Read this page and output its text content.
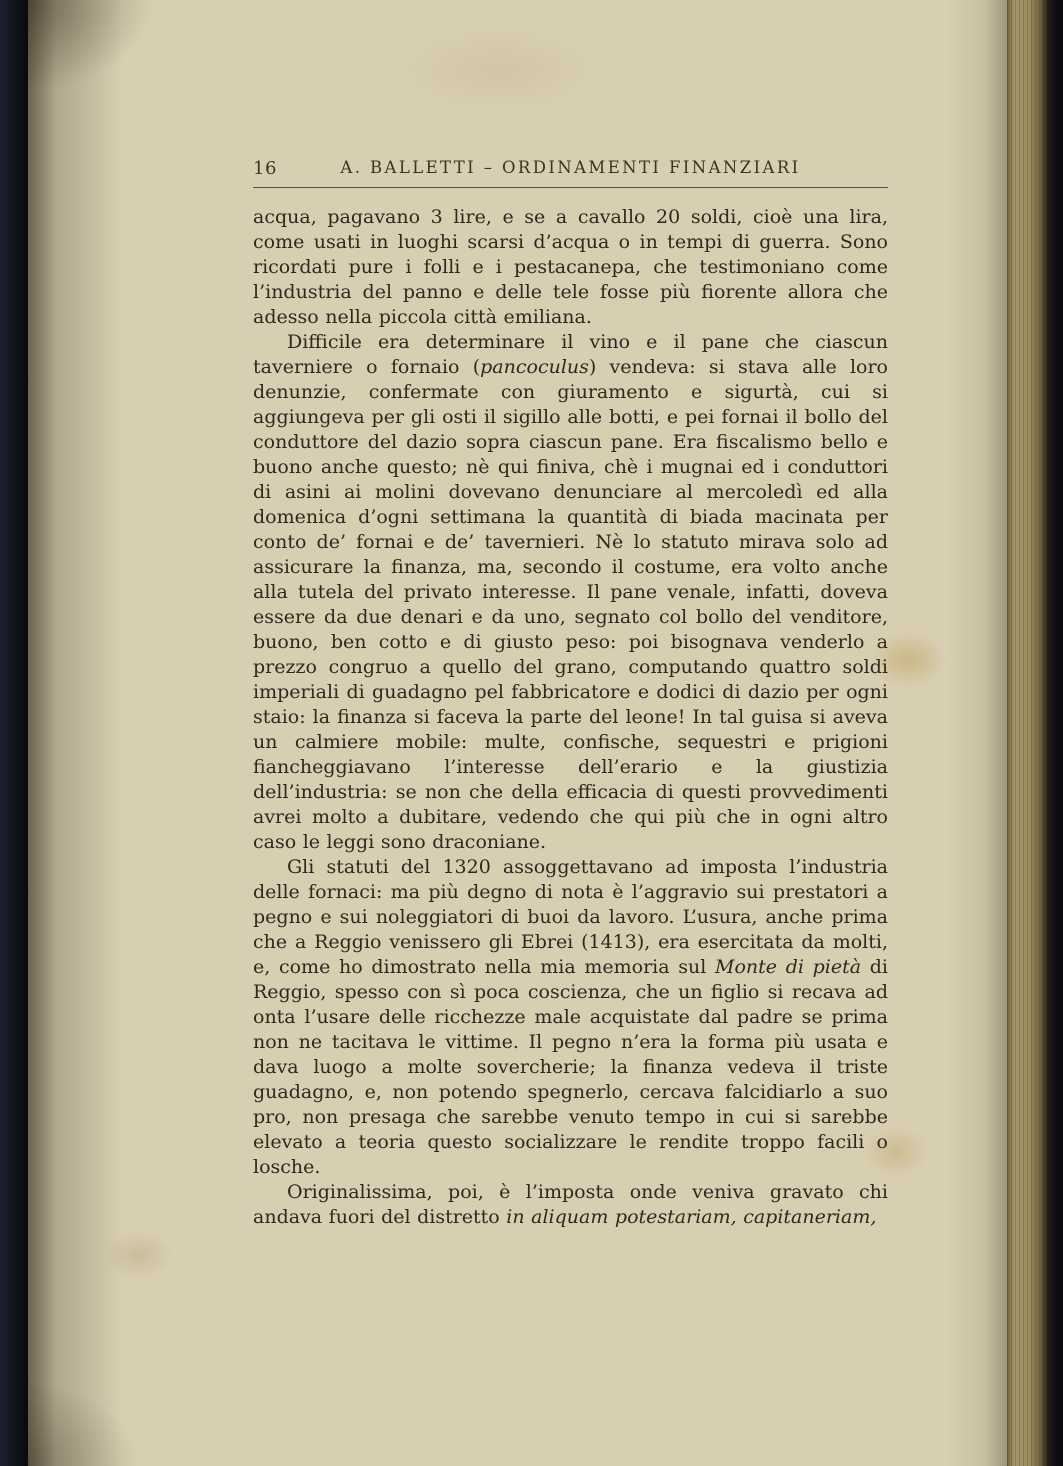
16	A. BALLETTI – ORDINAMENTI FINANZIARI

acqua, pagavano 3 lire, e se a cavallo 20 soldi, cioè una lira, come usati in luoghi scarsi d’acqua o in tempi di guerra. Sono ricordati pure i folli e i pestacanepa, che testimoniano come l’industria del panno e delle tele fosse più fiorente allora che adesso nella piccola città emiliana.

Difficile era determinare il vino e il pane che ciascun taverniere o fornaio (pancoculus) vendeva: si stava alle loro denunzie, confermate con giuramento e sigurtà, cui si aggiungeva per gli osti il sigillo alle botti, e pei fornai il bollo del conduttore del dazio sopra ciascun pane. Era fiscalismo bello e buono anche questo; nè qui finiva, chè i mugnai ed i conduttori di asini ai molini dovevano denunciare al mercoledì ed alla domenica d’ogni settimana la quantità di biada macinata per conto de’ fornai e de’ tavernieri. Nè lo statuto mirava solo ad assicurare la finanza, ma, secondo il costume, era volto anche alla tutela del privato interesse. Il pane venale, infatti, doveva essere da due denari e da uno, segnato col bollo del venditore, buono, ben cotto e di giusto peso: poi bisognava venderlo a prezzo congruo a quello del grano, computando quattro soldi imperiali di guadagno pel fabbricatore e dodici di dazio per ogni staio: la finanza si faceva la parte del leone! In tal guisa si aveva un calmiere mobile: multe, confische, sequestri e prigioni fiancheggiavano l’interesse dell’erario e la giustizia dell’industria: se non che della efficacia di questi provvedimenti avrei molto a dubitare, vedendo che qui più che in ogni altro caso le leggi sono draconiane.

Gli statuti del 1320 assoggettavano ad imposta l’industria delle fornaci: ma più degno di nota è l’aggravio sui prestatori a pegno e sui noleggiatori di buoi da lavoro. L’usura, anche prima che a Reggio venissero gli Ebrei (1413), era esercitata da molti, e, come ho dimostrato nella mia memoria sul Monte di pietà di Reggio, spesso con sì poca coscienza, che un figlio si recava ad onta l’usare delle ricchezze male acquistate dal padre se prima non ne tacitava le vittime. Il pegno n’era la forma più usata e dava luogo a molte sovercherie; la finanza vedeva il triste guadagno, e, non potendo spegnerlo, cercava falcidiarlo a suo pro, non presaga che sarebbe venuto tempo in cui si sarebbe elevato a teoria questo socializzare le rendite troppo facili o losche.

Originalissima, poi, è l’imposta onde veniva gravato chi andava fuori del distretto in aliquam potestariam, capitaneriam,
